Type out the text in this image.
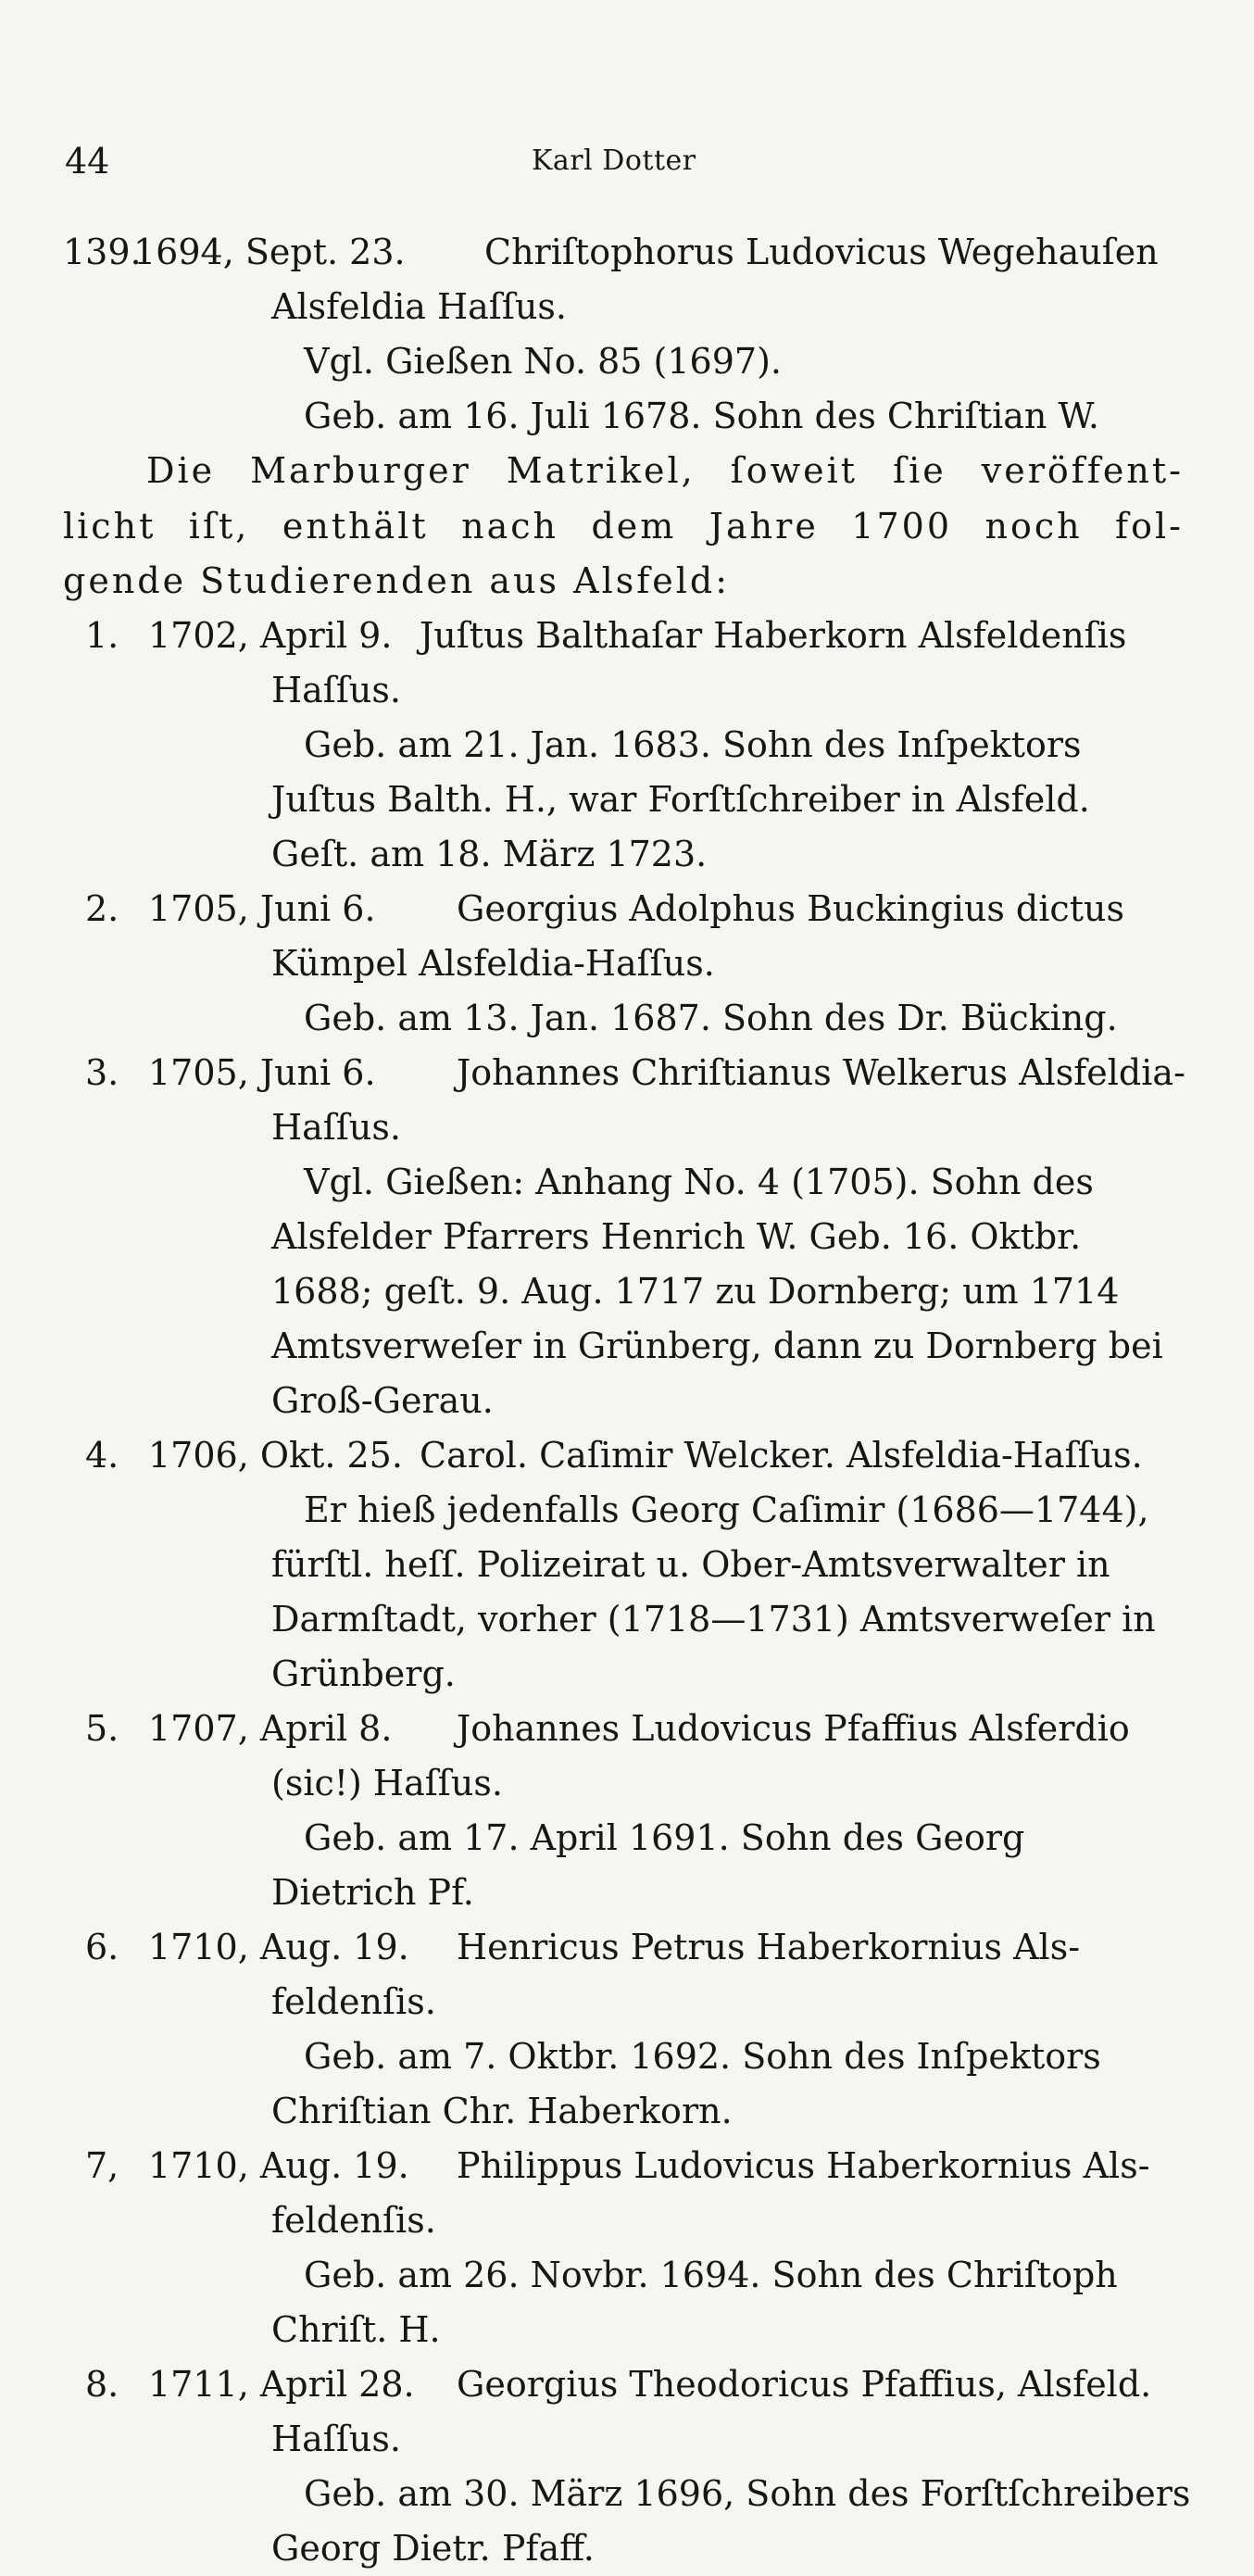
44	Karl Dotter
139.
1694, Sept. 23. Chriſtophorus Ludovicus Wegehauſen
Alsfeldia Haſſus.
Vgl. Gießen No. 85 (1697).
Geb. am 16. Juli 1678. Sohn des Chriſtian W.
Die Marburger Matrikel, ſoweit ſie veröffent-
licht iſt, enthält nach dem Jahre 1700 noch fol-
gende Studierenden aus Alsfeld:
1. 1702, April 9. Juſtus Balthaſar Haberkorn Alsfeldenſis
Haſſus.
Geb. am 21. Jan. 1683. Sohn des Inſpektors
Juſtus Balth. H., war Forſtſchreiber in Alsfeld.
Geſt. am 18. März 1723.
2. 1705, Juni 6. Georgius Adolphus Buckingius dictus
Kümpel Alsfeldia-Haſſus.
Geb. am 13. Jan. 1687. Sohn des Dr. Bücking.
3. 1705, Juni 6. Johannes Chriſtianus Welkerus Alsfeldia-
Haſſus.
Vgl. Gießen: Anhang No. 4 (1705). Sohn des
Alsfelder Pfarrers Henrich W. Geb. 16. Oktbr.
1688; geſt. 9. Aug. 1717 zu Dornberg; um 1714
Amtsverweſer in Grünberg, dann zu Dornberg bei
Groß-Gerau.
4. 1706, Okt. 25. Carol. Caſimir Welcker. Alsfeldia-Haſſus.
Er hieß jedenfalls Georg Caſimir (1686—1744),
fürſtl. heſſ. Polizeirat u. Ober-Amtsverwalter in
Darmſtadt, vorher (1718—1731) Amtsverweſer in
Grünberg.
5. 1707, April 8. Johannes Ludovicus Pfaffius Alsferdio
(sic!) Haſſus.
Geb. am 17. April 1691. Sohn des Georg
Dietrich Pf.
6. 1710, Aug. 19. Henricus Petrus Haberkornius Als-
feldenſis.
Geb. am 7. Oktbr. 1692. Sohn des Inſpektors
Chriſtian Chr. Haberkorn.
7, 1710, Aug. 19. Philippus Ludovicus Haberkornius Als-
feldenſis.
Geb. am 26. Novbr. 1694. Sohn des Chriſtoph
Chriſt. H.
8. 1711, April 28. Georgius Theodoricus Pfaffius, Alsfeld.
Haſſus.
Geb. am 30. März 1696, Sohn des Forſtſchreibers
Georg Dietr. Pfaff.
